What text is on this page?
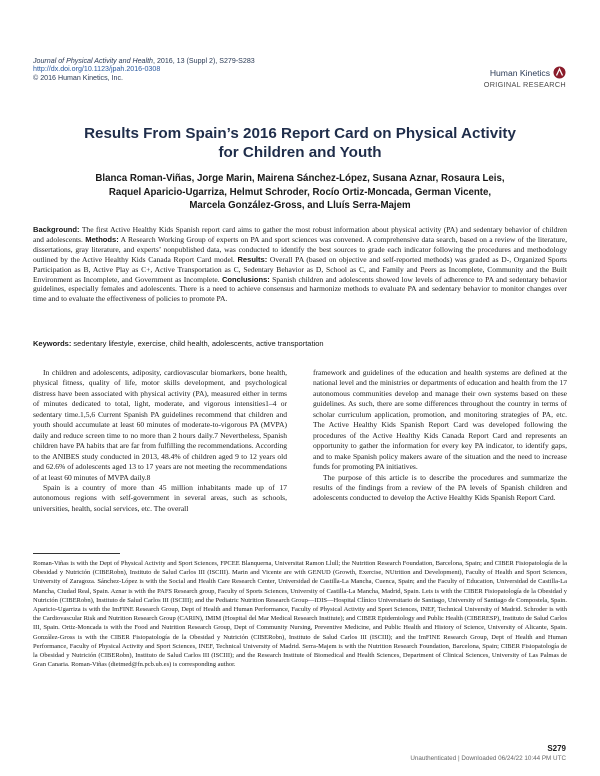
Journal of Physical Activity and Health, 2016, 13 (Suppl 2), S279-S283
http://dx.doi.org/10.1123/jpah.2016-0308
© 2016 Human Kinetics, Inc.
Human Kinetics
ORIGINAL RESEARCH
Results From Spain’s 2016 Report Card on Physical Activity
for Children and Youth
Blanca Roman-Viñas, Jorge Marin, Mairena Sánchez-López, Susana Aznar, Rosaura Leis,
Raquel Aparicio-Ugarriza, Helmut Schroder, Rocío Ortiz-Moncada, German Vicente,
Marcela González-Gross, and Lluís Serra-Majem
Background: The first Active Healthy Kids Spanish report card aims to gather the most robust information about physical activity (PA) and sedentary behavior of children and adolescents. Methods: A Research Working Group of experts on PA and sport sciences was convened. A comprehensive data search, based on a review of the literature, dissertations, gray literature, and experts’ nonpublished data, was conducted to identify the best sources to grade each indicator following the procedures and methodology outlined by the Active Healthy Kids Canada Report Card model. Results: Overall PA (based on objective and self-reported methods) was graded as D-, Organized Sports Participation as B, Active Play as C+, Active Transportation as C, Sedentary Behavior as D, School as C, and Family and Peers as Incomplete, Community and the Built Environment as Incomplete, and Government as Incomplete. Conclusions: Spanish children and adolescents showed low levels of adherence to PA and sedentary behavior guidelines, especially females and adolescents. There is a need to achieve consensus and harmonize methods to evaluate PA and sedentary behavior to monitor changes over time and to evaluate the effectiveness of policies to promote PA.
Keywords: sedentary lifestyle, exercise, child health, adolescents, active transportation

In children and adolescents, adiposity, cardiovascular biomarkers, bone health, physical fitness, quality of life, motor skills development, and psychological distress have been associated with physical activity (PA), measured either in terms of minutes dedicated to total, light, moderate, and vigorous intensities1–4 or sedentary time.1,5,6 Current Spanish PA guidelines recommend that children and youth should accumulate at least 60 minutes of moderate-to-vigorous PA (MVPA) daily and reduce screen time to no more than 2 hours daily.7 Nevertheless, Spanish children have PA habits that are far from fulfilling the recommendations. According to the ANIBES study conducted in 2013, 48.4% of children aged 9 to 12 years old and 62.6% of adolescents aged 13 to 17 years are not meeting the recommendations of at least 60 minutes of MVPA daily.8

Spain is a country of more than 45 million inhabitants made up of 17 autonomous regions with self-government in several areas, such as schools, universities, health, social services, etc. The overall

framework and guidelines of the education and health systems are defined at the national level and the ministries or departments of education and health from the 17 autonomous communities develop and manage their own systems based on these guidelines. As such, there are some differences throughout the country in terms of scholar curriculum application, promotion, and monitoring strategies of PA, etc. The Active Healthy Kids Spanish Report Card was developed following the procedures of the Active Healthy Kids Canada Report Card and represents an opportunity to gather the information for every key PA indicator, to identify gaps, and to make Spanish policy makers aware of the situation and the need to increase funds for promoting PA initiatives.

The purpose of this article is to describe the procedures and summarize the results of the findings from a review of the PA levels of Spanish children and adolescents conducted to develop the Active Healthy Kids Spanish Report Card.

Roman-Viñas is with the Dept of Physical Activity and Sport Sciences, FPCEE Blanquerna, Universitat Ramon Llull; the Nutrition Research Foundation, Barcelona, Spain; and CIBER Fisiopatología de la Obesidad y Nutrición (CIBERobn), Instituto de Salud Carlos III (ISCIII). Marin and Vicente are with GENUD (Growth, Exercise, NUtrition and Development), Faculty of Health and Sport Sciences, University of Zaragoza. Sánchez-López is with the Social and Health Care Research Center, Universidad de Castilla-La Mancha, Cuenca, Spain; and the Faculty of Education, Universidad de Castilla-La Mancha, Ciudad Real, Spain. Aznar is with the PAFS Research group, Faculty of Sports Sciences, University of Castilla-La Mancha, Madrid, Spain. Leis is with the CIBER Fisiopatología de la Obesidad y Nutrición (CIBERobn), Instituto de Salud Carlos III (ISCIII); and the Pediatric Nutrition Research Group—IDIS—Hospital Clínico Universitario de Santiago, University of Santiago de Compostela, Spain. Aparicio-Ugarriza is with the ImFINE Research Group, Dept of Health and Human Performance, Faculty of Physical Activity and Sport Sciences, INEF, Technical University of Madrid. Schroder is with the Cardiovascular Risk and Nutrition Research Group (CARIN), IMIM (Hospital del Mar Medical Research Institute); and CIBER Epidemiology and Public Health (CIBERESP), Instituto de Salud Carlos III, Spain. Ortiz-Moncada is with the Food and Nutrition Research Group, Dept of Community Nursing, Preventive Medicine, and Public Health and History of Science, University of Alicante, Spain. González-Gross is with the CIBER Fisiopatología de la Obesidad y Nutrición (CIBERobn), Instituto de Salud Carlos III (ISCIII); and the ImFINE Research Group, Dept of Health and Human Performance, Faculty of Physical Activity and Sport Sciences, INEF, Technical University of Madrid. Serra-Majem is with the Nutrition Research Foundation, Barcelona, Spain; CIBER Fisiopatología de la Obesidad y Nutrición (CIBERobn), Instituto de Salud Carlos III (ISCIII); and the Research Institute of Biomedical and Health Sciences, Department of Clinical Sciences, University of Las Palmas de Gran Canaria. Roman-Viñas (dietmed@fn.pcb.ub.es) is corresponding author.
S279
Unauthenticated | Downloaded 06/24/22 10:44 PM UTC
